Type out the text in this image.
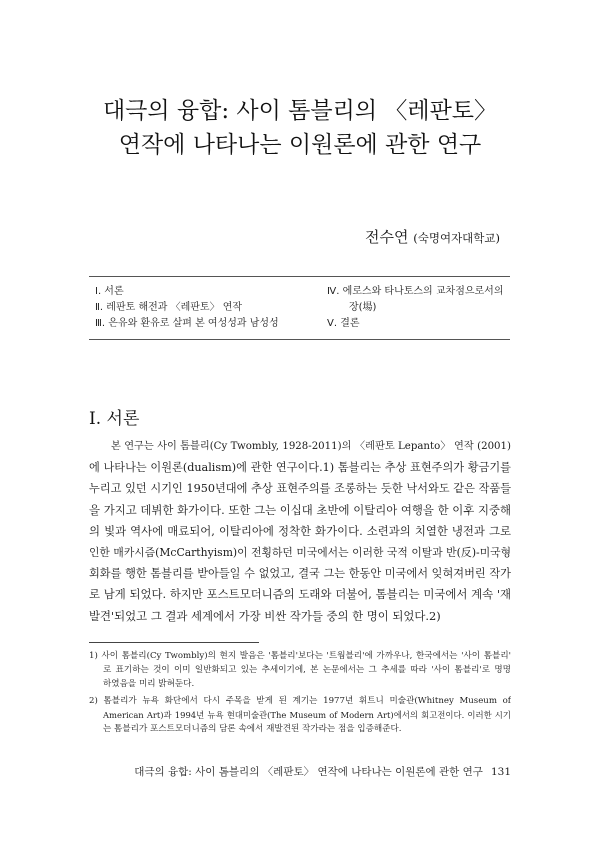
대극의 융합: 사이 톰블리의 〈레판토〉
연작에 나타나는 이원론에 관한 연구
전수연 (숙명여자대학교)
Ⅰ. 서론
Ⅱ. 레판토 해전과 〈레판토〉 연작
Ⅲ. 은유와 환유로 살펴 본 여성성과 남성성
Ⅳ. 에로스와 타나토스의 교차점으로서의
장(場)
Ⅴ. 결론
Ⅰ. 서론
본 연구는 사이 톰블리(Cy Twombly, 1928-2011)의 〈레판토 Lepanto〉 연작 (2001)
에 나타나는 이원론(dualism)에 관한 연구이다.1) 톰블리는 추상 표현주의가 황금기를
누리고 있던 시기인 1950년대에 추상 표현주의를 조롱하는 듯한 낙서와도 같은 작품들
을 가지고 데뷔한 화가이다. 또한 그는 이십대 초반에 이탈리아 여행을 한 이후 지중해
의 빛과 역사에 매료되어, 이탈리아에 정착한 화가이다. 소련과의 치열한 냉전과 그로
인한 매카시즘(McCarthyism)이 전횡하던 미국에서는 이러한 국적 이탈과 반(反)-미국형
회화를 행한 톰블리를 받아들일 수 없었고, 결국 그는 한동안 미국에서 잊혀져버린 작가
로 남게 되었다. 하지만 포스트모더니즘의 도래와 더불어, 톰블리는 미국에서 계속 '재
발견'되었고 그 결과 세계에서 가장 비싼 작가들 중의 한 명이 되었다.2)
1) 사이 톰블리(Cy Twombly)의 현지 발음은 '톰블리'보다는 '트웜블리'에 가까우나, 한국에서는 '사이 톰블리'
로 표기하는 것이 이미 일반화되고 있는 추세이기에, 본 논문에서는 그 추세를 따라 '사이 톰블리'로 명명
하였음을 미리 밝혀둔다.
2) 톰블리가 뉴욕 화단에서 다시 주목을 받게 된 계기는 1977년 휘트니 미술관(Whitney Museum of
American Art)과 1994년 뉴욕 현대미술관(The Museum of Modern Art)에서의 회고전이다. 이러한 시기
는 톰블리가 포스트모더니즘의 담론 속에서 재발견된 작가라는 점을 입증해준다.
대극의 융합: 사이 톰블리의 〈레판토〉 연작에 나타나는 이원론에 관한 연구 131
